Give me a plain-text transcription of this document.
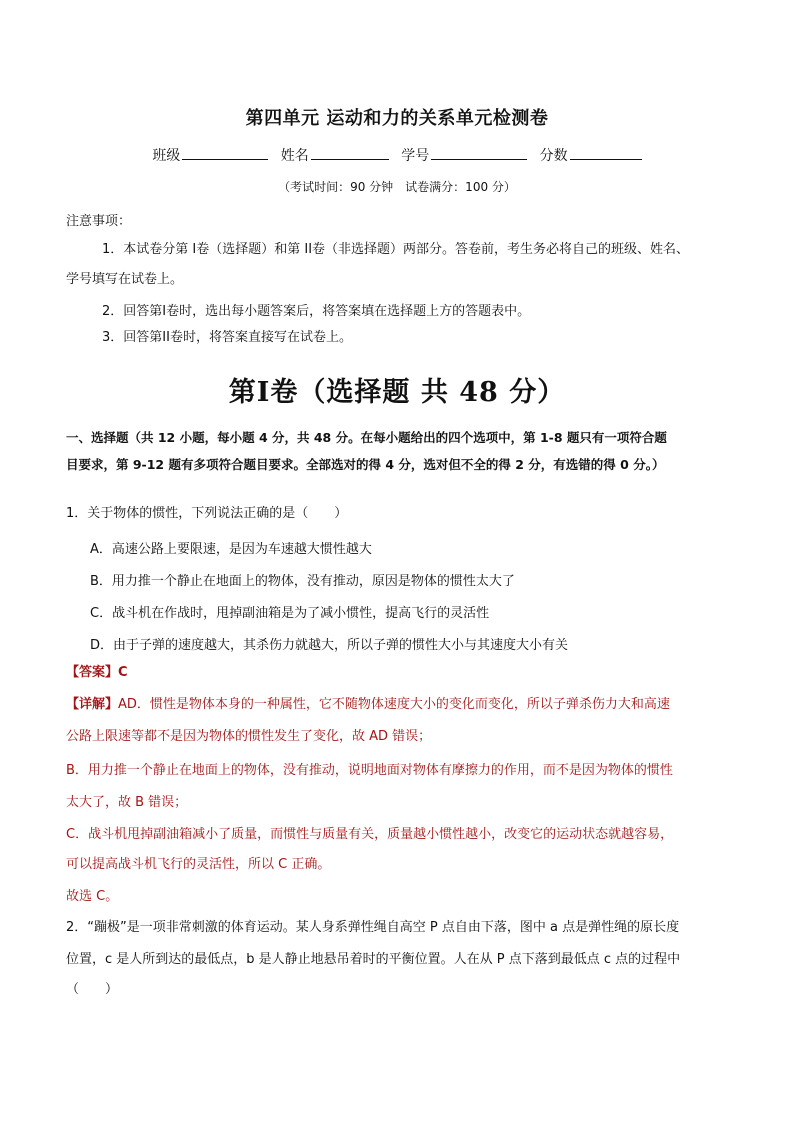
第四单元 运动和力的关系单元检测卷
班级	姓名	学号	分数
（考试时间：90 分钟　试卷满分：100 分）
注意事项：
1．本试卷分第 I卷（选择题）和第 II卷（非选择题）两部分。答卷前，考生务必将自己的班级、姓名、
学号填写在试卷上。
2．回答第Ⅰ卷时，选出每小题答案后，将答案填在选择题上方的答题表中。
3．回答第II卷时，将答案直接写在试卷上。
第Ⅰ卷（选择题 共 48 分）
一、选择题（共 12 小题，每小题 4 分，共 48 分。在每小题给出的四个选项中，第 1-8 题只有一项符合题
目要求，第 9-12 题有多项符合题目要求。全部选对的得 4 分，选对但不全的得 2 分，有选错的得 0 分。）
1．关于物体的惯性，下列说法正确的是（　　）
A．高速公路上要限速，是因为车速越大惯性越大
B．用力推一个静止在地面上的物体，没有推动，原因是物体的惯性太大了
C．战斗机在作战时，甩掉副油箱是为了减小惯性，提高飞行的灵活性
D．由于子弹的速度越大，其杀伤力就越大，所以子弹的惯性大小与其速度大小有关
【答案】C
【详解】AD．惯性是物体本身的一种属性，它不随物体速度大小的变化而变化，所以子弹杀伤力大和高速
公路上限速等都不是因为物体的惯性发生了变化，故 AD 错误；
B．用力推一个静止在地面上的物体，没有推动，说明地面对物体有摩擦力的作用，而不是因为物体的惯性
太大了，故 B 错误；
C．战斗机甩掉副油箱减小了质量，而惯性与质量有关，质量越小惯性越小，改变它的运动状态就越容易，
可以提高战斗机飞行的灵活性，所以 C 正确。
故选 C。
2．“蹦极”是一项非常刺激的体育运动。某人身系弹性绳自高空 P 点自由下落，图中 a 点是弹性绳的原长度
位置，c 是人所到达的最低点，b 是人静止地悬吊着时的平衡位置。人在从 P 点下落到最低点 c 点的过程中
（　　）
